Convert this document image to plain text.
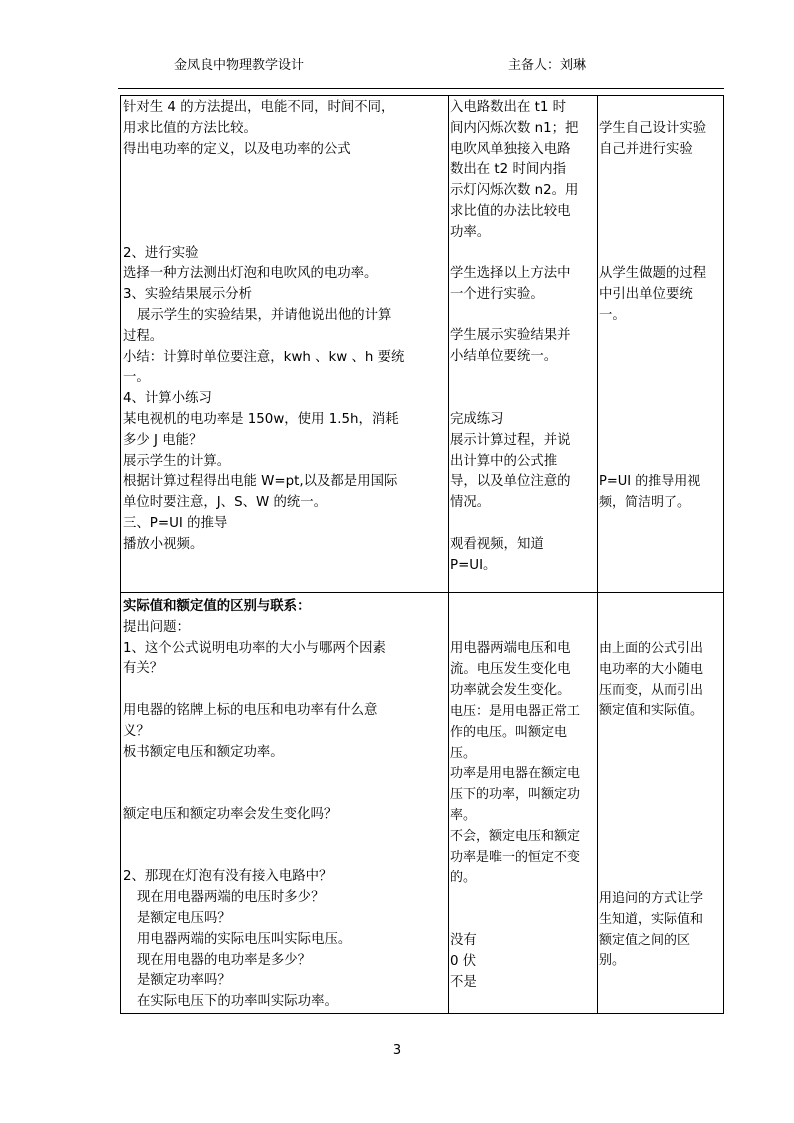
金凤良中物理教学设计	主备人：刘琳
针对生 4 的方法提出，电能不同，时间不同，
用求比值的方法比较。
得出电功率的定义，以及电功率的公式

2、进行实验
选择一种方法测出灯泡和电吹风的电功率。
3、实验结果展示分析
展示学生的实验结果，并请他说出他的计算
过程。
小结：计算时单位要注意，kwh 、kw 、h 要统
一。
4、计算小练习
某电视机的电功率是 150w，使用 1.5h，消耗
多少 J 电能？
展示学生的计算。
根据计算过程得出电能 W=pt,以及都是用国际
单位时要注意，J、S、W 的统一。
三、P=UI 的推导
播放小视频。
入电路数出在 t1 时
间内闪烁次数 n1；把
电吹风单独接入电路
数出在 t2 时间内指
示灯闪烁次数 n2。用
求比值的办法比较电
功率。
学生选择以上方法中
一个进行实验。

学生展示实验结果并
小结单位要统一。
完成练习
展示计算过程，并说
出计算中的公式推
导，以及单位注意的
情况。

观看视频，知道
P=UI。
学生自己设计实验
自己并进行实验
从学生做题的过程
中引出单位要统
一。
P=UI 的推导用视
频，简洁明了。
实际值和额定值的区别与联系：
提出问题：
1、这个公式说明电功率的大小与哪两个因素
有关？

用电器的铭牌上标的电压和电功率有什么意
义？
板书额定电压和额定功率。

额定电压和额定功率会发生变化吗？

2、那现在灯泡有没有接入电路中？
现在用电器两端的电压时多少？
是额定电压吗？
用电器两端的实际电压叫实际电压。
现在用电器的电功率是多少？
是额定功率吗？
在实际电压下的功率叫实际功率。
用电器两端电压和电
流。电压发生变化电
功率就会发生变化。
电压：是用电器正常工
作的电压。叫额定电
压。
功率是用电器在额定电
压下的功率，叫额定功
率。
不会，额定电压和额定
功率是唯一的恒定不变
的。
没有
0 伏
不是
由上面的公式引出
电功率的大小随电
压而变，从而引出
额定值和实际值。
用追问的方式让学
生知道，实际值和
额定值之间的区
别。
3
